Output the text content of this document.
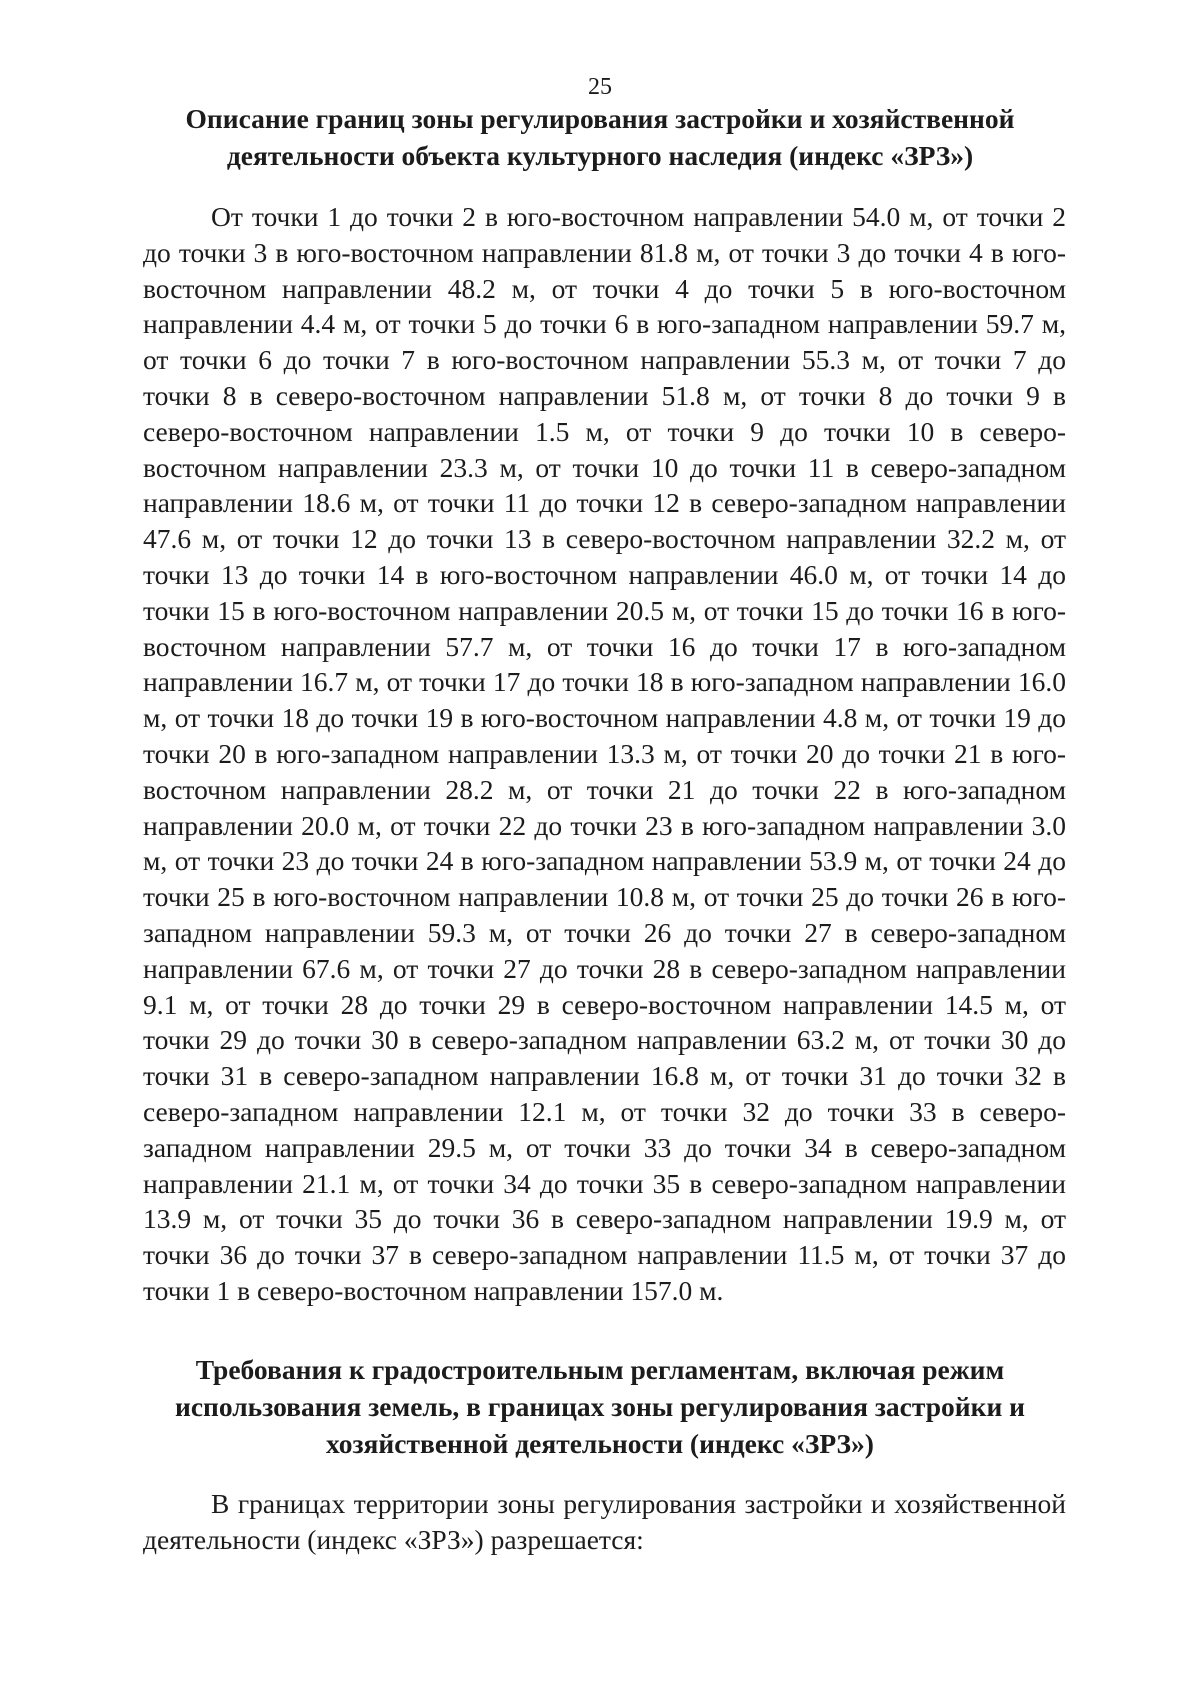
25
Описание границ зоны регулирования застройки и хозяйственной деятельности объекта культурного наследия (индекс «ЗРЗ»)

От точки 1 до точки 2 в юго-восточном направлении 54.0 м, от точки 2 до точки 3 в юго-восточном направлении 81.8 м, от точки 3 до точки 4 в юго-восточном направлении 48.2 м, от точки 4 до точки 5 в юго-восточном направлении 4.4 м, от точки 5 до точки 6 в юго-западном направлении 59.7 м, от точки 6 до точки 7 в юго-восточном направлении 55.3 м, от точки 7 до точки 8 в северо-восточном направлении 51.8 м, от точки 8 до точки 9 в северо-восточном направлении 1.5 м, от точки 9 до точки 10 в северо-восточном направлении 23.3 м, от точки 10 до точки 11 в северо-западном направлении 18.6 м, от точки 11 до точки 12 в северо-западном направлении 47.6 м, от точки 12 до точки 13 в северо-восточном направлении 32.2 м, от точки 13 до точки 14 в юго-восточном направлении 46.0 м, от точки 14 до точки 15 в юго-восточном направлении 20.5 м, от точки 15 до точки 16 в юго-восточном направлении 57.7 м, от точки 16 до точки 17 в юго-западном направлении 16.7 м, от точки 17 до точки 18 в юго-западном направлении 16.0 м, от точки 18 до точки 19 в юго-восточном направлении 4.8 м, от точки 19 до точки 20 в юго-западном направлении 13.3 м, от точки 20 до точки 21 в юго-восточном направлении 28.2 м, от точки 21 до точки 22 в юго-западном направлении 20.0 м, от точки 22 до точки 23 в юго-западном направлении 3.0 м, от точки 23 до точки 24 в юго-западном направлении 53.9 м, от точки 24 до точки 25 в юго-восточном направлении 10.8 м, от точки 25 до точки 26 в юго-западном направлении 59.3 м, от точки 26 до точки 27 в северо-западном направлении 67.6 м, от точки 27 до точки 28 в северо-западном направлении 9.1 м, от точки 28 до точки 29 в северо-восточном направлении 14.5 м, от точки 29 до точки 30 в северо-западном направлении 63.2 м, от точки 30 до точки 31 в северо-западном направлении 16.8 м, от точки 31 до точки 32 в северо-западном направлении 12.1 м, от точки 32 до точки 33 в северо-западном направлении 29.5 м, от точки 33 до точки 34 в северо-западном направлении 21.1 м, от точки 34 до точки 35 в северо-западном направлении 13.9 м, от точки 35 до точки 36 в северо-западном направлении 19.9 м, от точки 36 до точки 37 в северо-западном направлении 11.5 м, от точки 37 до точки 1 в северо-восточном направлении 157.0 м.

Требования к градостроительным регламентам, включая режим использования земель, в границах зоны регулирования застройки и хозяйственной деятельности (индекс «ЗРЗ»)

В границах территории зоны регулирования застройки и хозяйственной деятельности (индекс «ЗРЗ») разрешается:
